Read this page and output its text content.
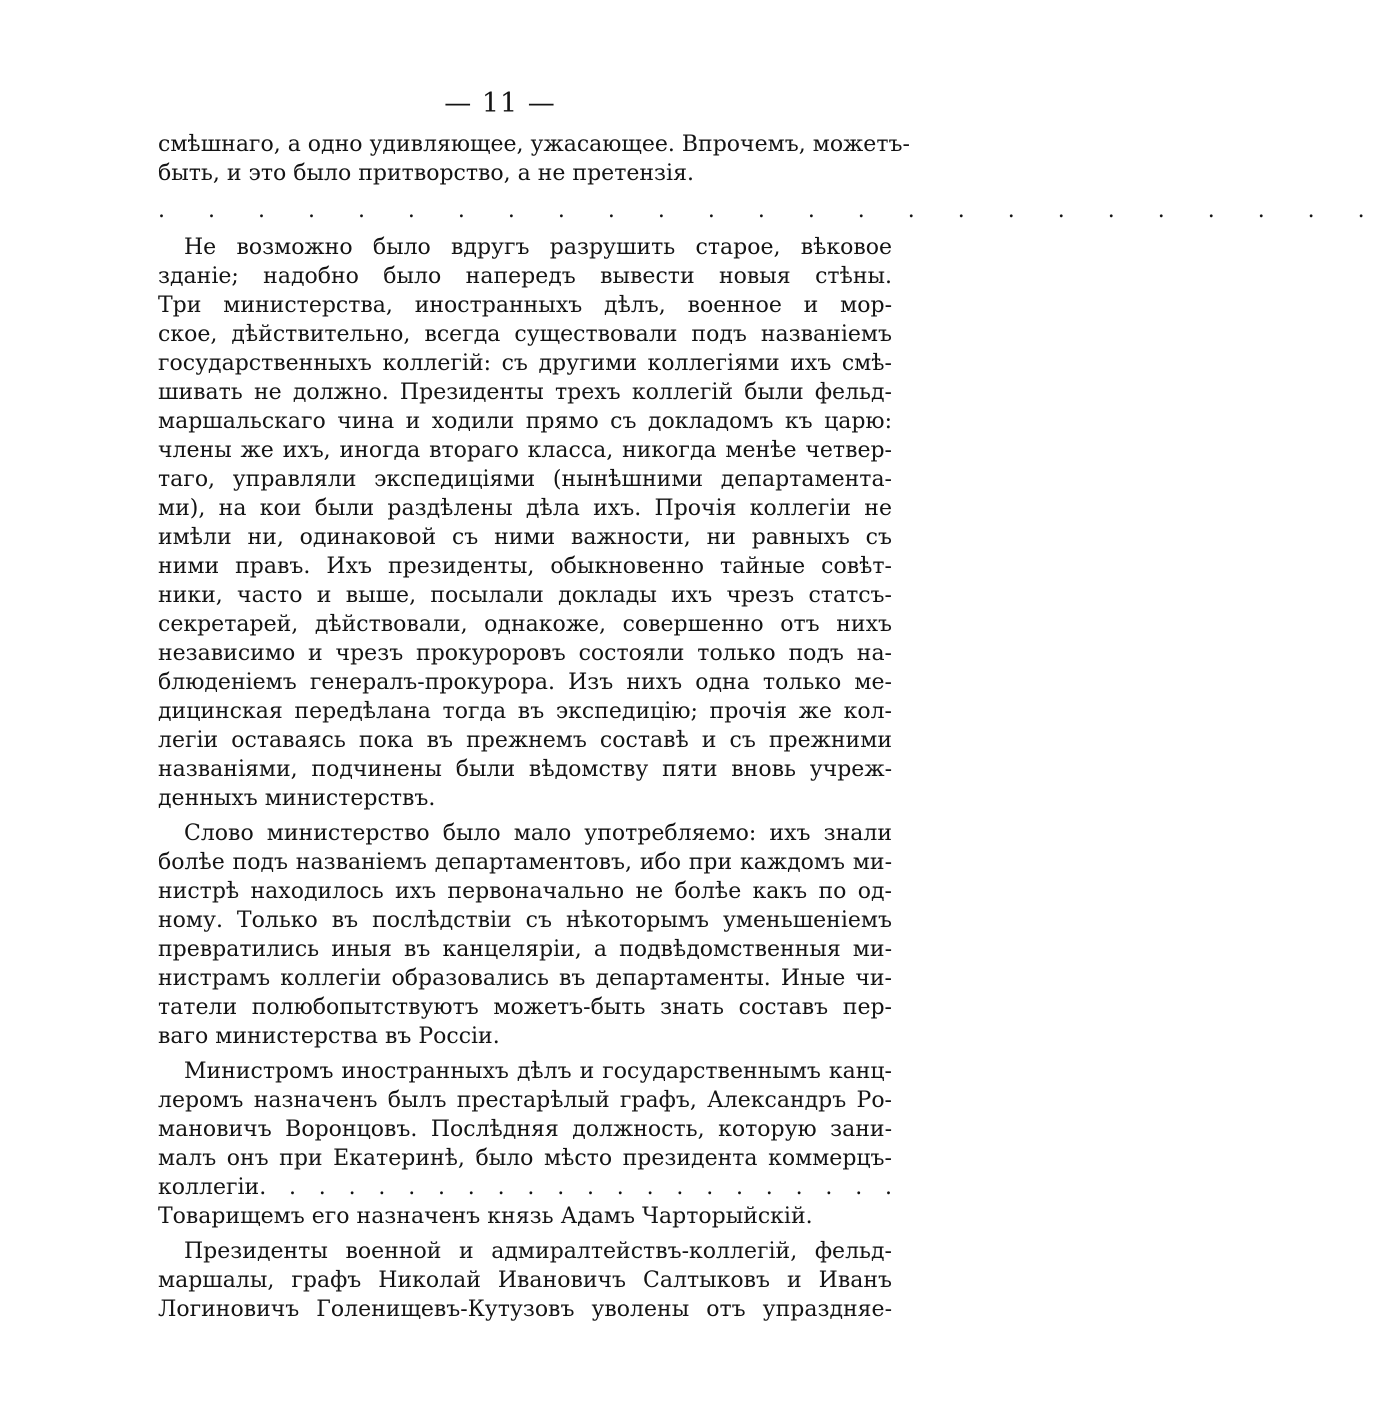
— 11 —
смѣшнаго, а одно удивляющее, ужасающее. Впрочемъ, можетъ-
быть, и это было притворство, а не претензія.
. . . . . . . . . . . . . . . . . . . . . . . . .
Не возможно было вдругъ разрушить старое, вѣковое
зданіе; надобно было напередъ вывести новыя стѣны.
Три министерства, иностранныхъ дѣлъ, военное и мор-
ское, дѣйствительно, всегда существовали подъ названіемъ
государственныхъ коллегій: съ другими коллегіями ихъ смѣ-
шивать не должно. Президенты трехъ коллегій были фельд-
маршальскаго чина и ходили прямо съ докладомъ къ царю:
члены же ихъ, иногда втораго класса, никогда менѣе четвер-
таго, управляли экспедиціями (нынѣшними департамента-
ми), на кои были раздѣлены дѣла ихъ. Прочія коллегіи не
имѣли ни, одинаковой съ ними важности, ни равныхъ съ
ними правъ. Ихъ президенты, обыкновенно тайные совѣт-
ники, часто и выше, посылали доклады ихъ чрезъ статсъ-
секретарей, дѣйствовали, однакоже, совершенно отъ нихъ
независимо и чрезъ прокуроровъ состояли только подъ на-
блюденіемъ генералъ-прокурора. Изъ нихъ одна только ме-
дицинская передѣлана тогда въ экспедицію; прочія же кол-
легіи оставаясь пока въ прежнемъ составѣ и съ прежними
названіями, подчинены были вѣдомству пяти вновь учреж-
денныхъ министерствъ.
Слово министерство было мало употребляемо: ихъ знали
болѣе подъ названіемъ департаментовъ, ибо при каждомъ ми-
нистрѣ находилось ихъ первоначально не болѣе какъ по од-
ному. Только въ послѣдствіи съ нѣкоторымъ уменьшеніемъ
превратились иныя въ канцеляріи, а подвѣдомственныя ми-
нистрамъ коллегіи образовались въ департаменты. Иные чи-
татели полюбопытствуютъ можетъ-быть знать составъ пер-
ваго министерства въ Россіи.
Министромъ иностранныхъ дѣлъ и государственнымъ канц-
леромъ назначенъ былъ престарѣлый графъ, Александръ Ро-
мановичъ Воронцовъ. Послѣдняя должность, которую зани-
малъ онъ при Екатеринѣ, было мѣсто президента коммерцъ-
коллегіи. . . . . . . . . . . . . . . . . . . . . .
Товарищемъ его назначенъ князь Адамъ Чарторыйскій.
Президенты военной и адмиралтействъ-коллегій, фельд-
маршалы, графъ Николай Ивановичъ Салтыковъ и Иванъ
Логиновичъ Голенищевъ-Кутузовъ уволены отъ упраздняе-
